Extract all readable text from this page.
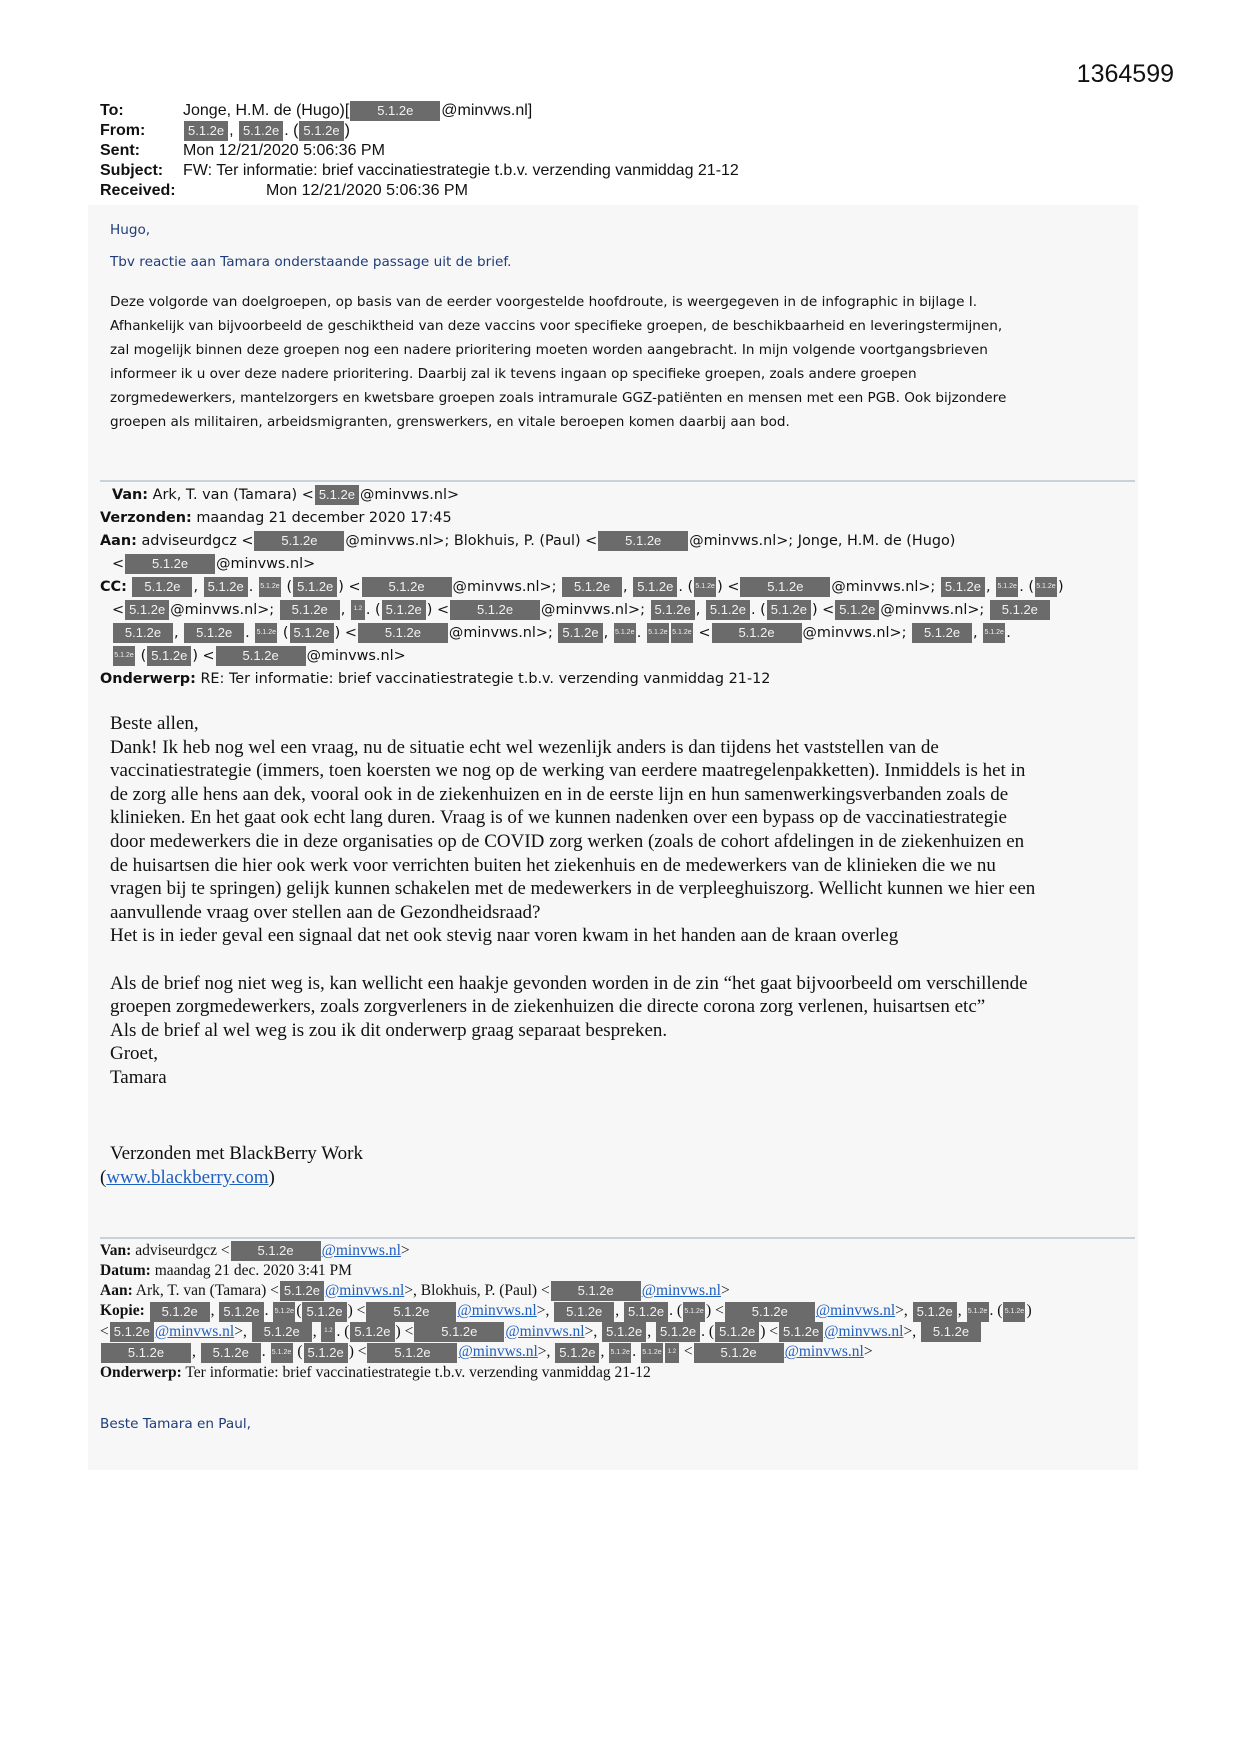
1364599
To:	Jonge, H.M. de (Hugo)[	5.1.2e	@minvws.nl]
From:	5.1.2e , 5.1.2e . ( 5.1.2e )
Sent:	Mon 12/21/2020 5:06:36 PM
Subject:	FW: Ter informatie: brief vaccinatiestrategie t.b.v. verzending vanmiddag 21-12
Received:	Mon 12/21/2020 5:06:36 PM
Hugo,
Tbv reactie aan Tamara onderstaande passage uit de brief.
Deze volgorde van doelgroepen, op basis van de eerder voorgestelde hoofdroute, is weergegeven in de infographic in bijlage I.
Afhankelijk van bijvoorbeeld de geschiktheid van deze vaccins voor specifieke groepen, de beschikbaarheid en leveringstermijnen,
zal mogelijk binnen deze groepen nog een nadere prioritering moeten worden aangebracht. In mijn volgende voortgangsbrieven
informeer ik u over deze nadere prioritering. Daarbij zal ik tevens ingaan op specifieke groepen, zoals andere groepen
zorgmedewerkers, mantelzorgers en kwetsbare groepen zoals intramurale GGZ-patiënten en mensen met een PGB. Ook bijzondere
groepen als militairen, arbeidsmigranten, grenswerkers, en vitale beroepen komen daarbij aan bod.
Van: Ark, T. van (Tamara) < 5.1.2e @minvws.nl>
Verzonden: maandag 21 december 2020 17:45
Aan: adviseurdgcz < 5.1.2e @minvws.nl>; Blokhuis, P. (Paul) < 5.1.2e @minvws.nl>; Jonge, H.M. de (Hugo)
< 5.1.2e @minvws.nl>
CC: 5.1.2e , 5.1.2e . 5.1.2e ( 5.1.2e ) < 5.1.2e @minvws.nl>; 5.1.2e , 5.1.2e . ( 5.1.2e ) < 5.1.2e @minvws.nl>; 5.1.2e , 5.1.2e . ( 5.1.2e )
< 5.1.2e @minvws.nl>; 5.1.2e , 1.2 . ( 5.1.2e ) < 5.1.2e @minvws.nl>; 5.1.2e , 5.1.2e . ( 5.1.2e ) < 5.1.2e @minvws.nl>; 5.1.2e
5.1.2e , 5.1.2e . 5.1.2e ( 5.1.2e ) < 5.1.2e @minvws.nl>; 5.1.2e , 5.1.2e . 5.1.2e 5.1.2e < 5.1.2e @minvws.nl>; 5.1.2e , 5.1.2e .
5.1.2e ( 5.1.2e ) < 5.1.2e @minvws.nl>
Onderwerp: RE: Ter informatie: brief vaccinatiestrategie t.b.v. verzending vanmiddag 21-12
Beste allen,
Dank! Ik heb nog wel een vraag, nu de situatie echt wel wezenlijk anders is dan tijdens het vaststellen van de
vaccinatiestrategie (immers, toen koersten we nog op de werking van eerdere maatregelenpakketten). Inmiddels is het in
de zorg alle hens aan dek, vooral ook in de ziekenhuizen en in de eerste lijn en hun samenwerkingsverbanden zoals de
klinieken. En het gaat ook echt lang duren. Vraag is of we kunnen nadenken over een bypass op de vaccinatiestrategie
door medewerkers die in deze organisaties op de COVID zorg werken (zoals de cohort afdelingen in de ziekenhuizen en
de huisartsen die hier ook werk voor verrichten buiten het ziekenhuis en de medewerkers van de klinieken die we nu
vragen bij te springen) gelijk kunnen schakelen met de medewerkers in de verpleeghuiszorg. Wellicht kunnen we hier een
aanvullende vraag over stellen aan de Gezondheidsraad?
Het is in ieder geval een signaal dat net ook stevig naar voren kwam in het handen aan de kraan overleg

Als de brief nog niet weg is, kan wellicht een haakje gevonden worden in de zin “het gaat bijvoorbeeld om verschillende
groepen zorgmedewerkers, zoals zorgverleners in de ziekenhuizen die directe corona zorg verlenen, huisartsen etc”
Als de brief al wel weg is zou ik dit onderwerp graag separaat bespreken.
Groet,
Tamara
Verzonden met BlackBerry Work
(www.blackberry.com)
Van: adviseurdgcz < 5.1.2e @minvws.nl>
Datum: maandag 21 dec. 2020 3:41 PM
Aan: Ark, T. van (Tamara) < 5.1.2e @minvws.nl>, Blokhuis, P. (Paul) < 5.1.2e @minvws.nl>
Kopie: 5.1.2e , 5.1.2e . 5.1.2e ( 5.1.2e ) < 5.1.2e @minvws.nl>, 5.1.2e , 5.1.2e . ( 5.1.2e ) < 5.1.2e @minvws.nl>, 5.1.2e , 5.1.2e . ( 5.1.2e )
< 5.1.2e @minvws.nl>, 5.1.2e , 1.2 . ( 5.1.2e ) < 5.1.2e @minvws.nl>, 5.1.2e , 5.1.2e . ( 5.1.2e ) < 5.1.2e @minvws.nl>, 5.1.2e
5.1.2e , 5.1.2e . 5.1.2e ( 5.1.2e ) < 5.1.2e @minvws.nl>, 5.1.2e , 5.1.2e . 5.1.2e 1.2 < 5.1.2e @minvws.nl>
Onderwerp: Ter informatie: brief vaccinatiestrategie t.b.v. verzending vanmiddag 21-12
Beste Tamara en Paul,
